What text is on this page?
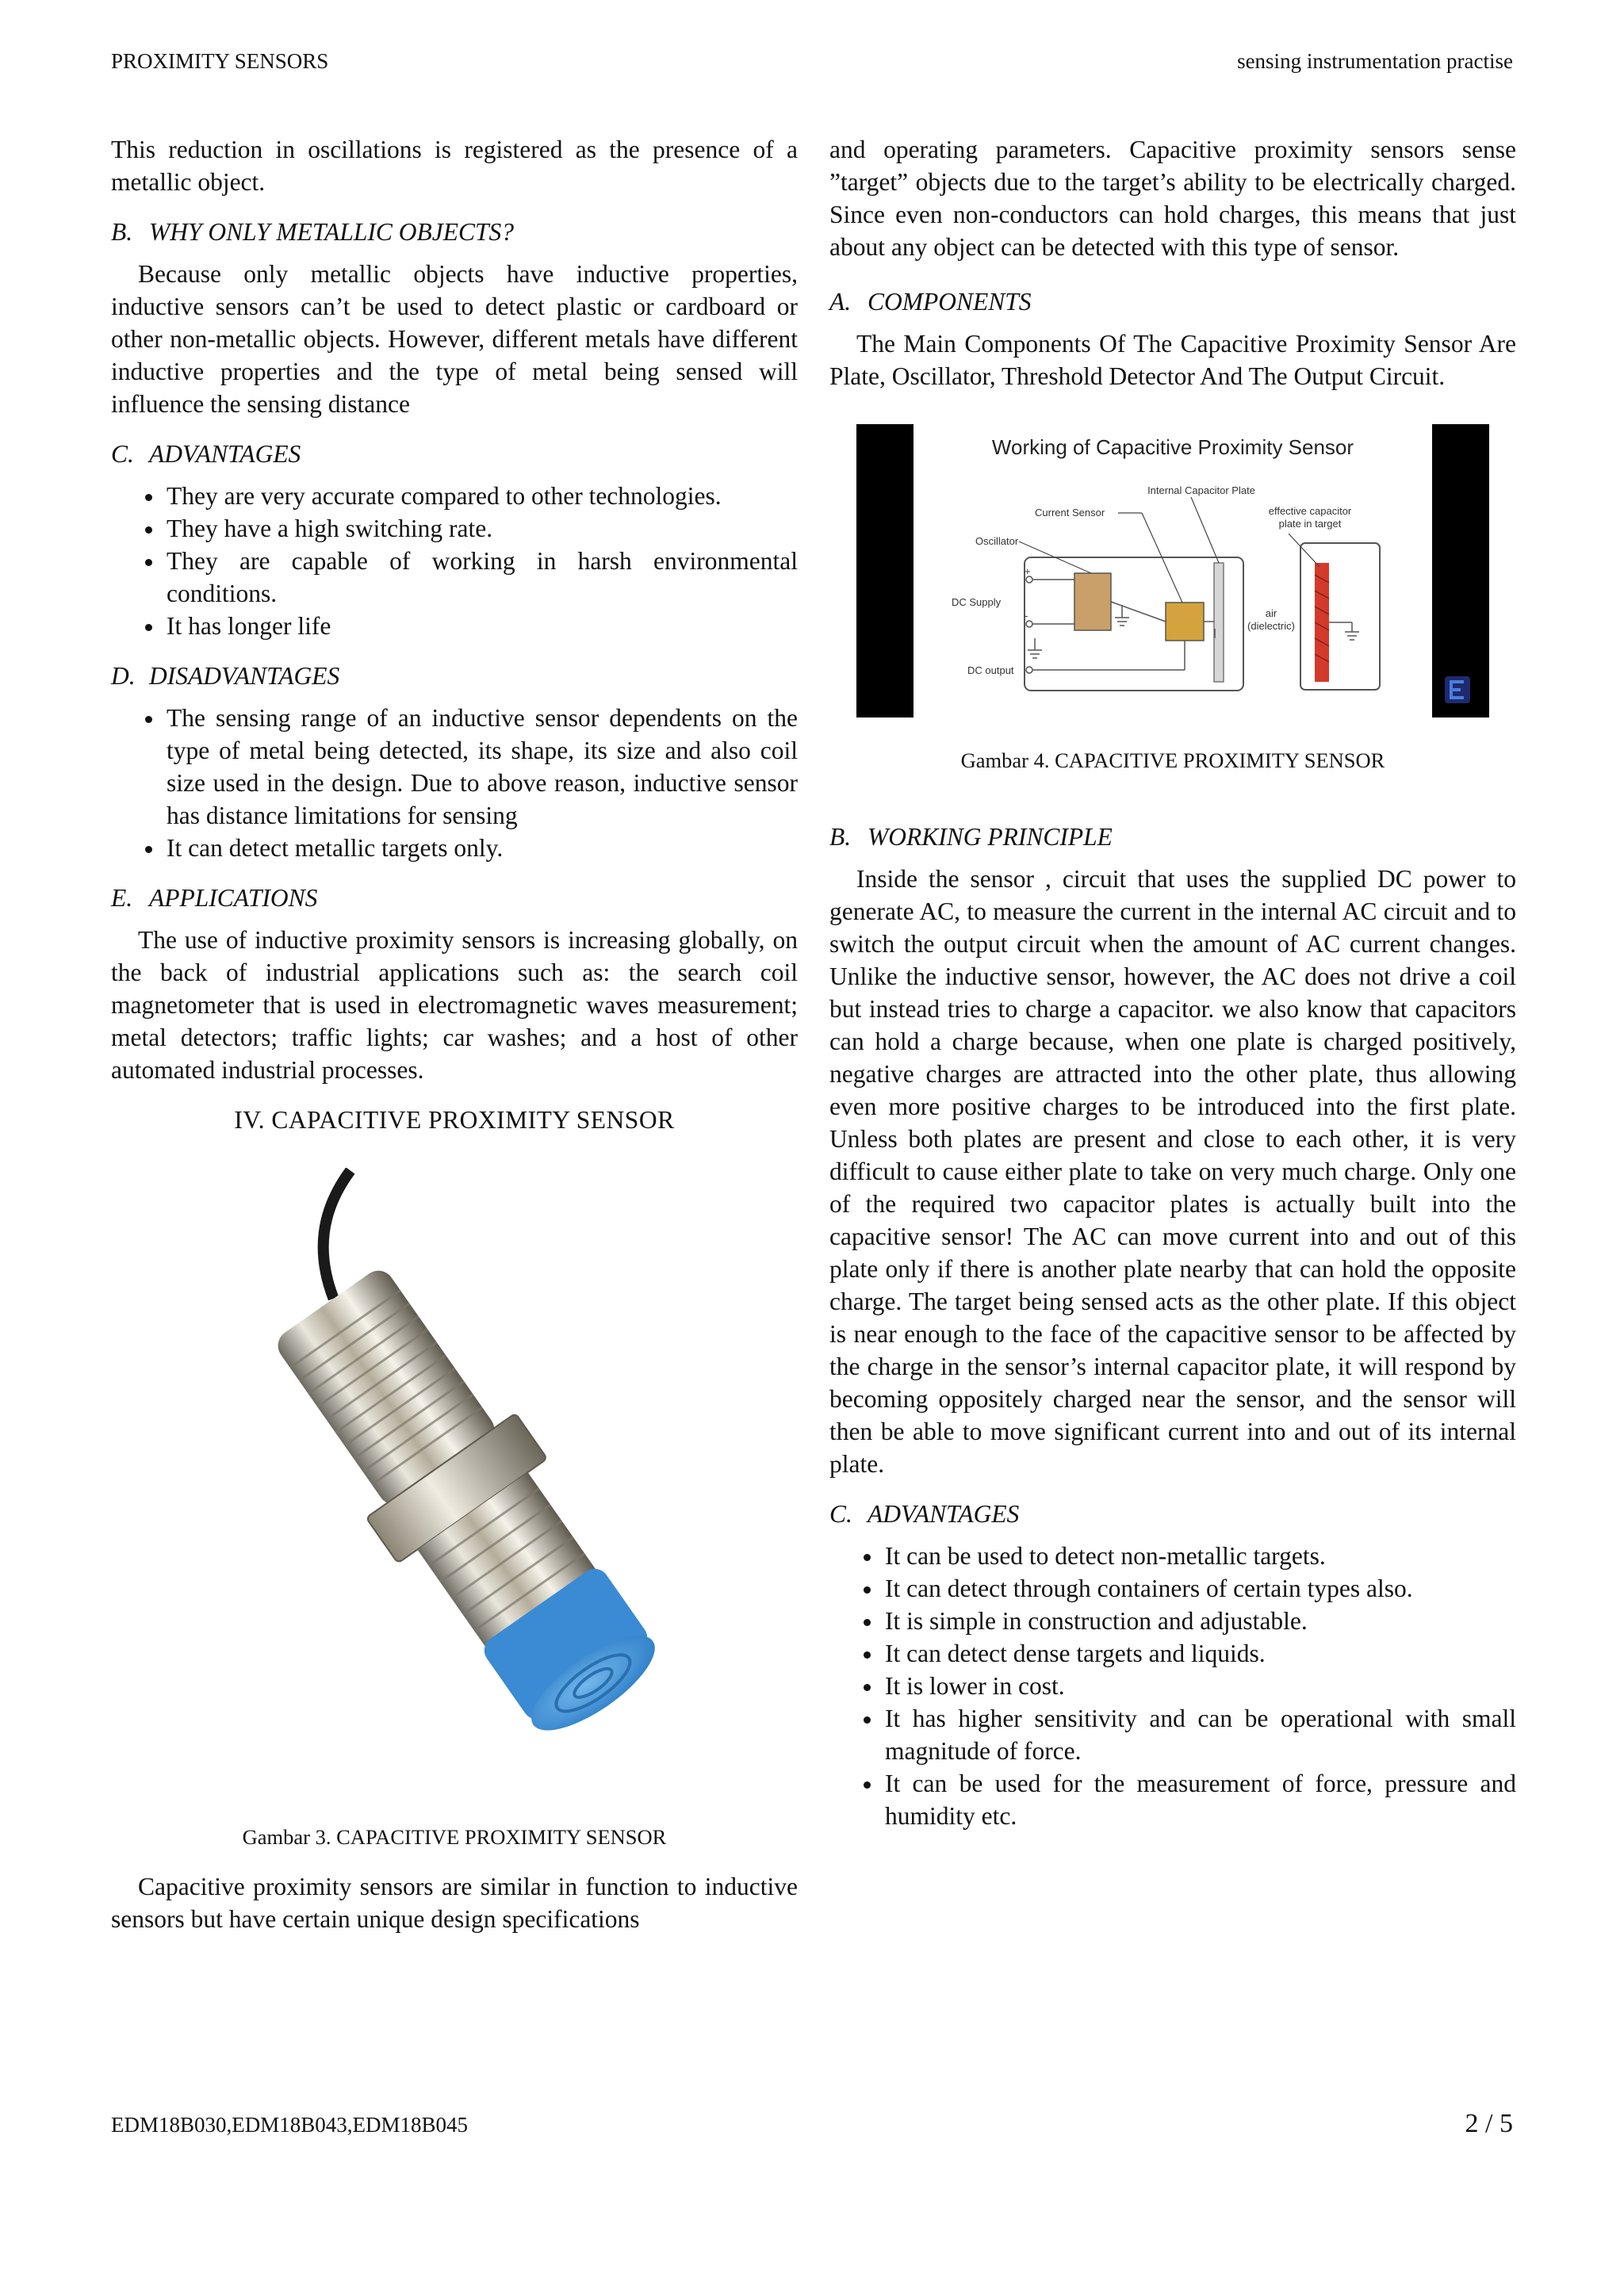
PROXIMITY SENSORS	sensing instrumentation practise

This reduction in oscillations is registered as the presence of a metallic object.

B. WHY ONLY METALLIC OBJECTS?

Because only metallic objects have inductive properties, inductive sensors can’t be used to detect plastic or cardboard or other non-metallic objects. However, different metals have different inductive properties and the type of metal being sensed will influence the sensing distance

C. ADVANTAGES

• They are very accurate compared to other technologies.
• They have a high switching rate.
• They are capable of working in harsh environmental conditions.
• It has longer life

D. DISADVANTAGES

• The sensing range of an inductive sensor dependents on the type of metal being detected, its shape, its size and also coil size used in the design. Due to above reason, inductive sensor has distance limitations for sensing
• It can detect metallic targets only.

E. APPLICATIONS

The use of inductive proximity sensors is increasing globally, on the back of industrial applications such as: the search coil magnetometer that is used in electromagnetic waves measurement; metal detectors; traffic lights; car washes; and a host of other automated industrial processes.

IV. CAPACITIVE PROXIMITY SENSOR

Gambar 3. CAPACITIVE PROXIMITY SENSOR

Capacitive proximity sensors are similar in function to inductive sensors but have certain unique design specifications

and operating parameters. Capacitive proximity sensors sense ”target” objects due to the target’s ability to be electrically charged. Since even non-conductors can hold charges, this means that just about any object can be detected with this type of sensor.

A. COMPONENTS

The Main Components Of The Capacitive Proximity Sensor Are Plate, Oscillator, Threshold Detector And The Output Circuit.

Working of Capacitive Proximity Sensor
Internal Capacitor Plate
Current Sensor	effective capacitor
plate in target
Oscillator
DC Supply
+
-	air
(dielectric)
DC output

Gambar 4. CAPACITIVE PROXIMITY SENSOR

B. WORKING PRINCIPLE

Inside the sensor , circuit that uses the supplied DC power to generate AC, to measure the current in the internal AC circuit and to switch the output circuit when the amount of AC current changes. Unlike the inductive sensor, however, the AC does not drive a coil but instead tries to charge a capacitor. we also know that capacitors can hold a charge because, when one plate is charged positively, negative charges are attracted into the other plate, thus allowing even more positive charges to be introduced into the first plate. Unless both plates are present and close to each other, it is very difficult to cause either plate to take on very much charge. Only one of the required two capacitor plates is actually built into the capacitive sensor! The AC can move current into and out of this plate only if there is another plate nearby that can hold the opposite charge. The target being sensed acts as the other plate. If this object is near enough to the face of the capacitive sensor to be affected by the charge in the sensor’s internal capacitor plate, it will respond by becoming oppositely charged near the sensor, and the sensor will then be able to move significant current into and out of its internal plate.

C. ADVANTAGES

• It can be used to detect non-metallic targets.
• It can detect through containers of certain types also.
• It is simple in construction and adjustable.
• It can detect dense targets and liquids.
• It is lower in cost.
• It has higher sensitivity and can be operational with small magnitude of force.
• It can be used for the measurement of force, pressure and humidity etc.
EDM18B030,EDM18B043,EDM18B045	2 / 5
